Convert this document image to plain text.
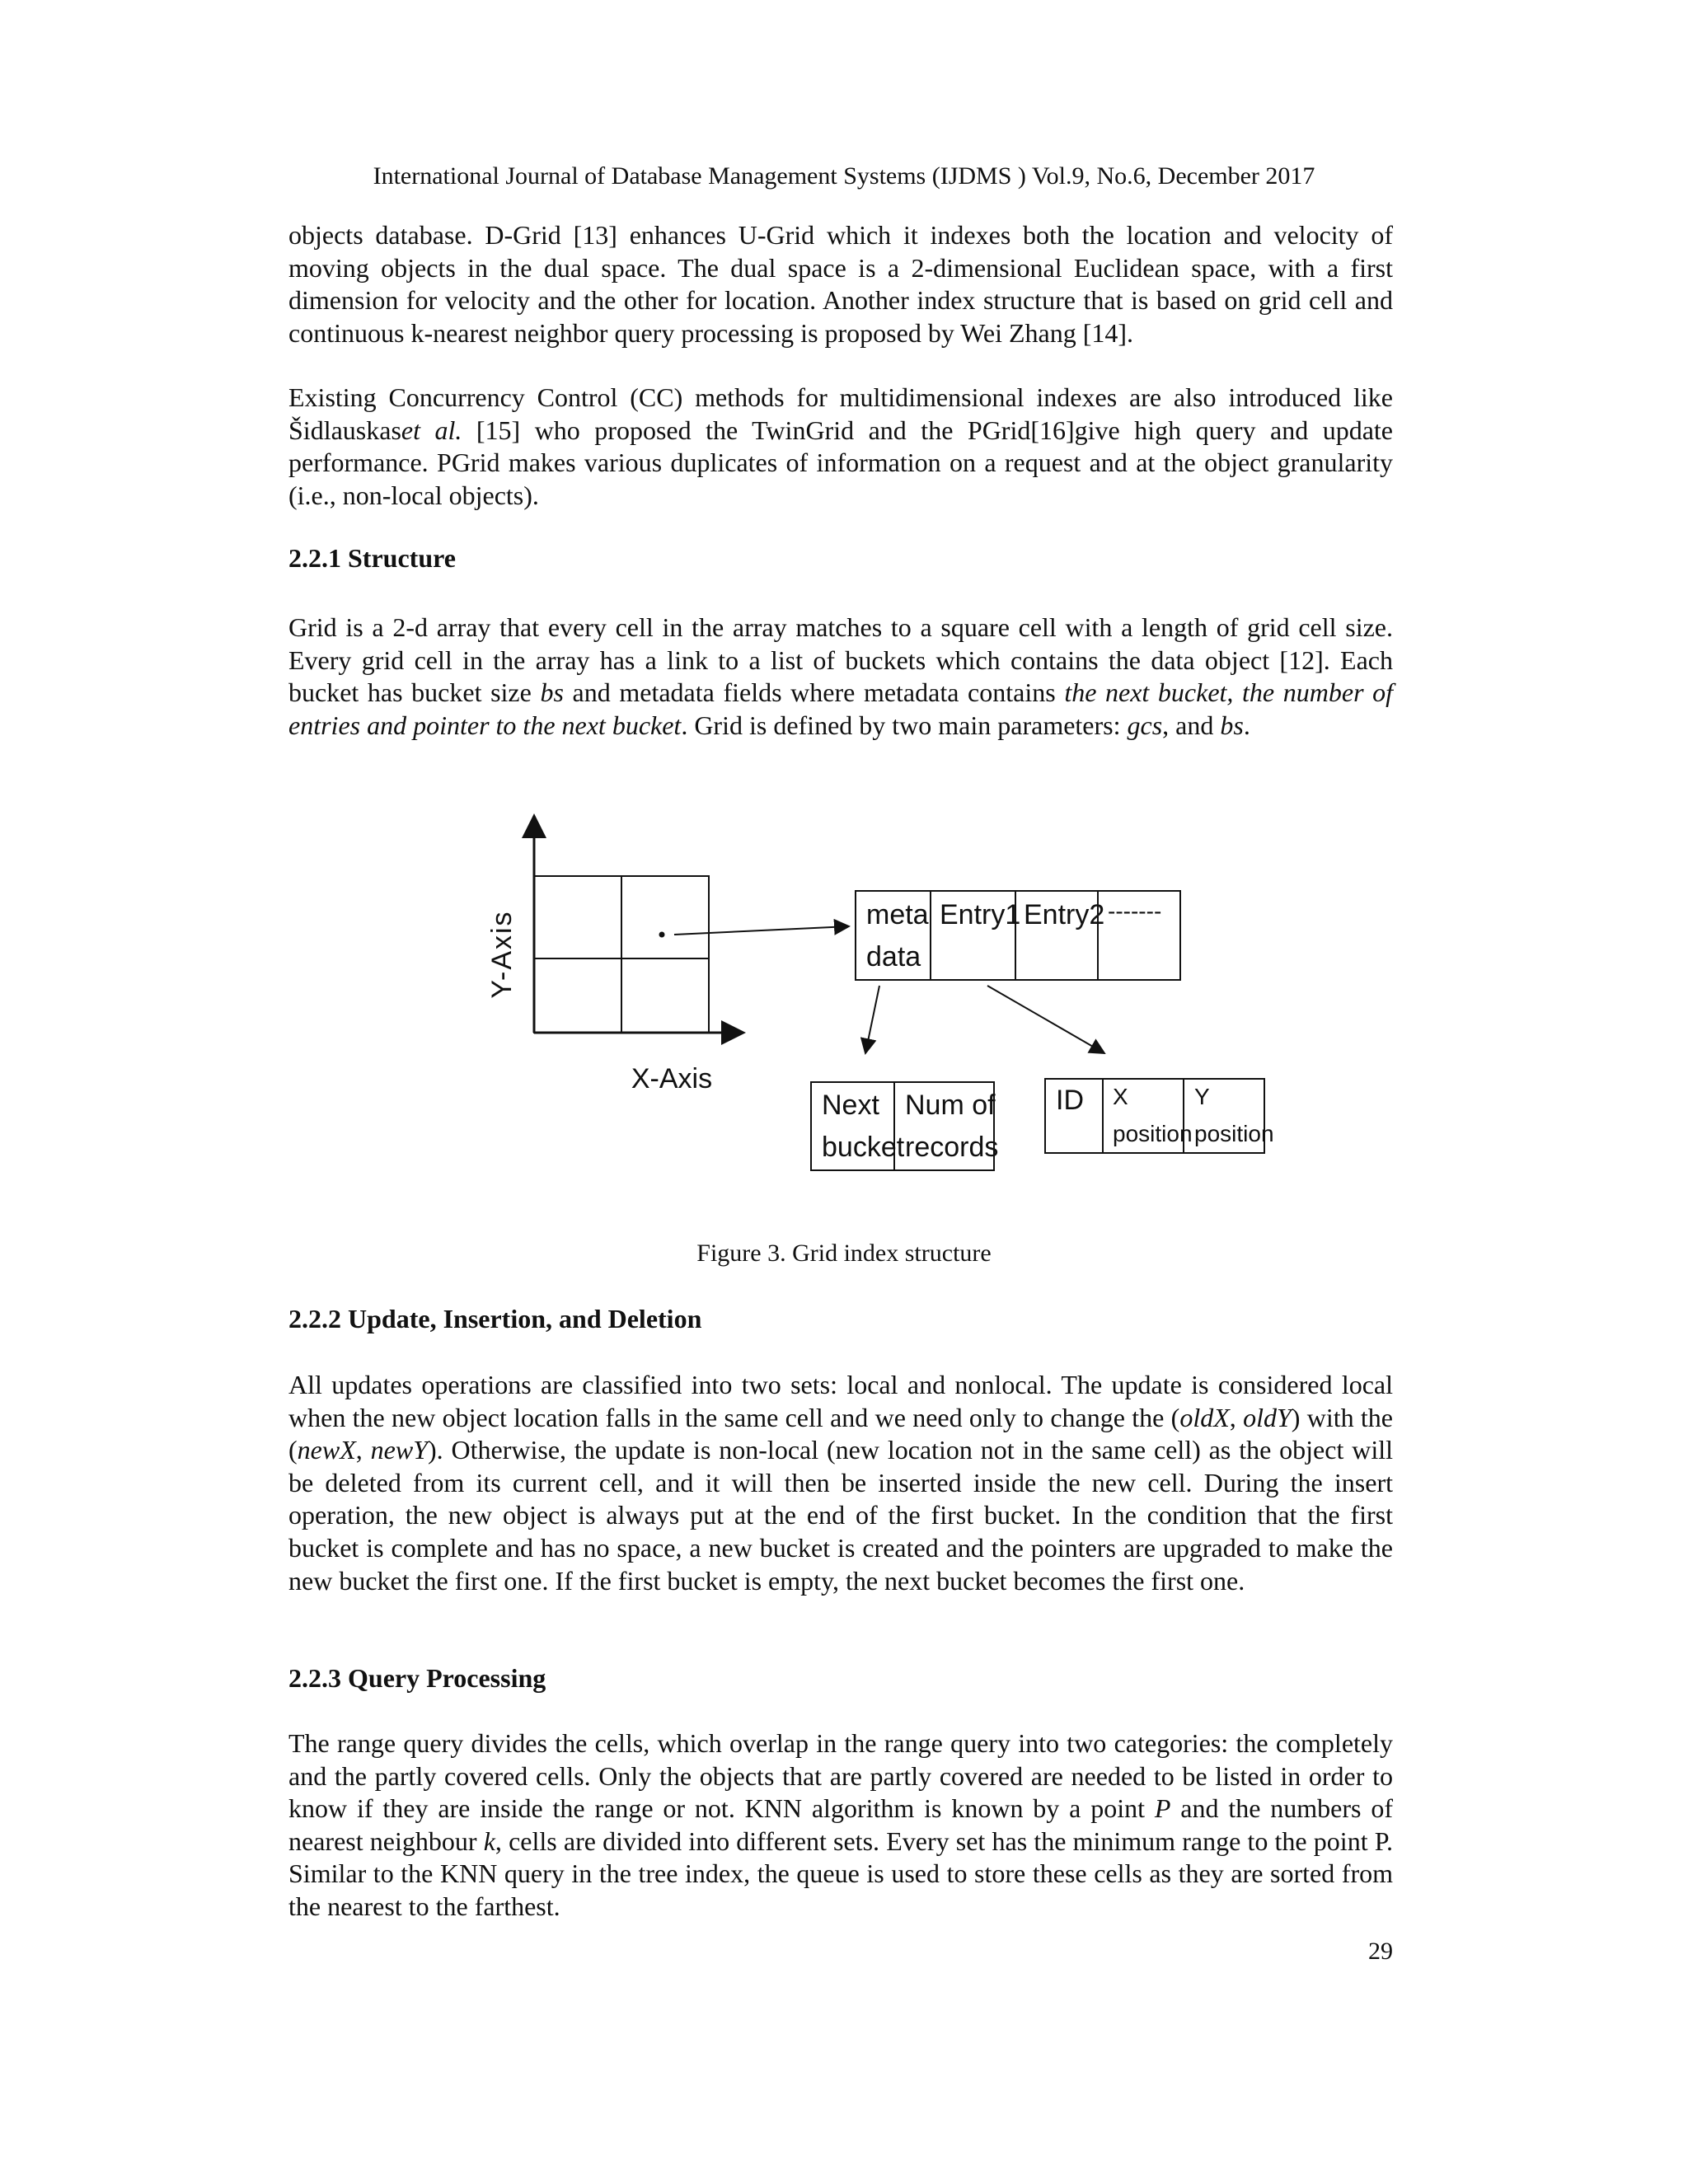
International Journal of Database Management Systems (IJDMS ) Vol.9, No.6, December 2017
objects database. D-Grid [13] enhances U-Grid which it indexes both the location and velocity of moving objects in the dual space. The dual space is a 2-dimensional Euclidean space, with a first dimension for velocity and the other for location. Another index structure that is based on grid cell and continuous k-nearest neighbor query processing is proposed by Wei Zhang [14].
Existing Concurrency Control (CC) methods for multidimensional indexes are also introduced like Šidlauskaset al. [15] who proposed the TwinGrid and the PGrid[16]give high query and update performance. PGrid makes various duplicates of information on a request and at the object granularity (i.e., non-local objects).
2.2.1 Structure
Grid is a 2-d array that every cell in the array matches to a square cell with a length of grid cell size. Every grid cell in the array has a link to a list of buckets which contains the data object [12]. Each bucket has bucket size bs and metadata fields where metadata contains the next bucket, the number of entries and pointer to the next bucket. Grid is defined by two main parameters: gcs, and bs.
Y-Axis
X-Axis
meta
data
Entry1 Entry2 -------
Next
bucket
Num of
records
ID X
position
Y
position
Figure 3. Grid index structure
2.2.2 Update, Insertion, and Deletion
All updates operations are classified into two sets: local and nonlocal. The update is considered local when the new object location falls in the same cell and we need only to change the (oldX, oldY) with the (newX, newY). Otherwise, the update is non-local (new location not in the same cell) as the object will be deleted from its current cell, and it will then be inserted inside the new cell. During the insert operation, the new object is always put at the end of the first bucket. In the condition that the first bucket is complete and has no space, a new bucket is created and the pointers are upgraded to make the new bucket the first one. If the first bucket is empty, the next bucket becomes the first one.
2.2.3 Query Processing
The range query divides the cells, which overlap in the range query into two categories: the completely and the partly covered cells. Only the objects that are partly covered are needed to be listed in order to know if they are inside the range or not. KNN algorithm is known by a point P and the numbers of nearest neighbour k, cells are divided into different sets. Every set has the minimum range to the point P. Similar to the KNN query in the tree index, the queue is used to store these cells as they are sorted from the nearest to the farthest.
29
